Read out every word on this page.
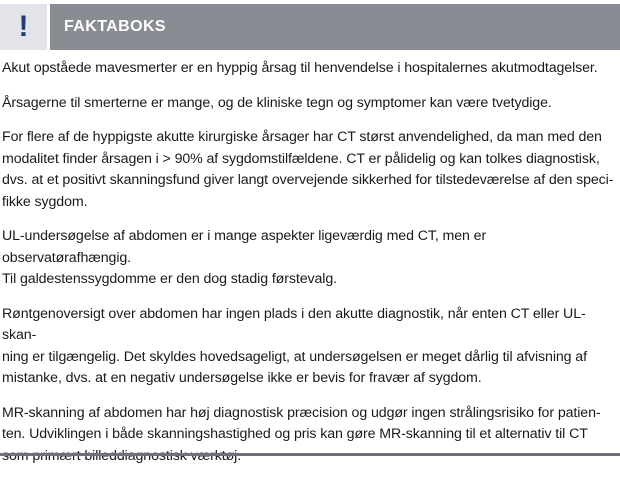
! FAKTABOKS

Akut opståede mavesmerter er en hyppig årsag til henvendelse i hospitalernes akutmodtagelser.

Årsagerne til smerterne er mange, og de kliniske tegn og symptomer kan være tvetydige.

For flere af de hyppigste akutte kirurgiske årsager har CT størst anvendelighed, da man med den
modalitet finder årsagen i > 90% af sygdomstilfældene. CT er pålidelig og kan tolkes diagnostisk,
dvs. at et positivt skanningsfund giver langt overvejende sikkerhed for tilstedeværelse af den speci-
fikke sygdom.

UL-undersøgelse af abdomen er i mange aspekter ligeværdig med CT, men er observatørafhængig.
Til galdestenssygdomme er den dog stadig førstevalg.

Røntgenoversigt over abdomen har ingen plads i den akutte diagnostik, når enten CT eller UL-skan-
ning er tilgængelig. Det skyldes hovedsageligt, at undersøgelsen er meget dårlig til afvisning af
mistanke, dvs. at en negativ undersøgelse ikke er bevis for fravær af sygdom.

MR-skanning af abdomen har høj diagnostisk præcision og udgør ingen strålingsrisiko for patien-
ten. Udviklingen i både skanningshastighed og pris kan gøre MR-skanning til et alternativ til CT
